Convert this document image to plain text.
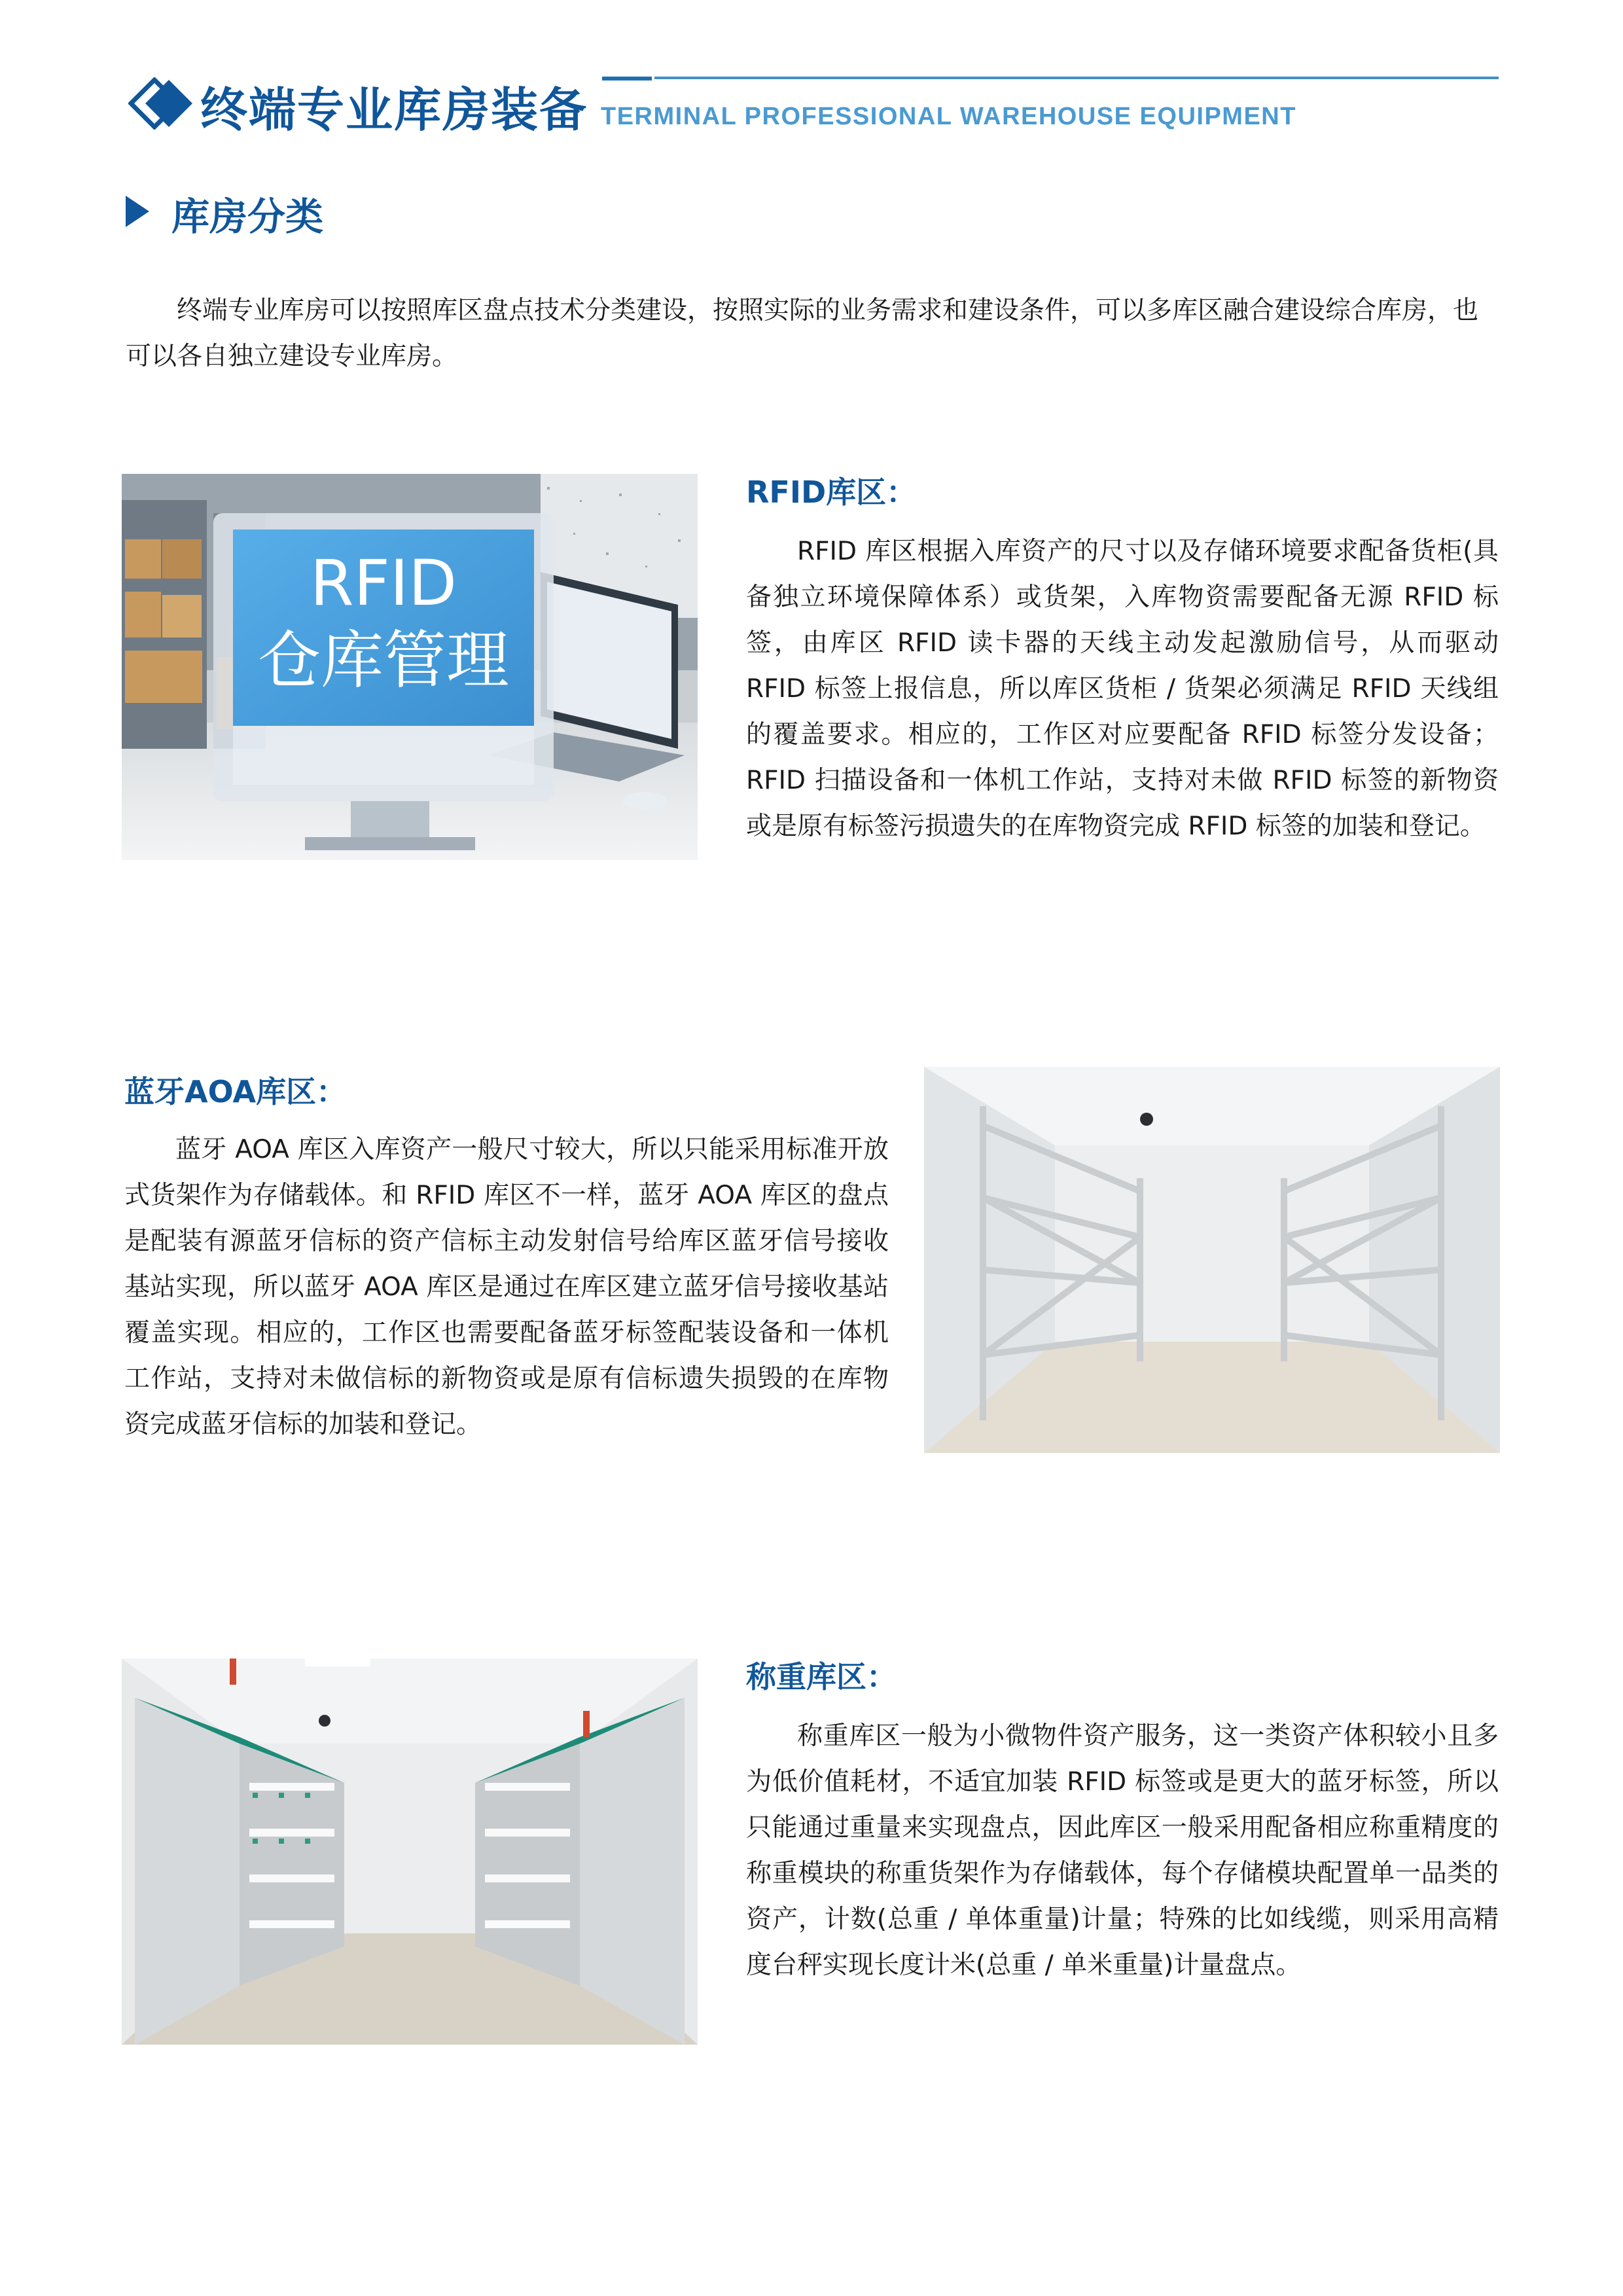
终端专业库房装备 TERMINAL PROFESSIONAL WAREHOUSE EQUIPMENT
库房分类
终端专业库房可以按照库区盘点技术分类建设，按照实际的业务需求和建设条件，可以多库区融合建设综合库房，也可以各自独立建设专业库房。
RFID
仓库管理
RFID库区：
RFID 库区根据入库资产的尺寸以及存储环境要求配备货柜(具备独立环境保障体系）或货架，入库物资需要配备无源 RFID 标签，由库区 RFID 读卡器的天线主动发起激励信号，从而驱动 RFID 标签上报信息，所以库区货柜 / 货架必须满足 RFID 天线组的覆盖要求。相应的，工作区对应要配备 RFID 标签分发设备；RFID 扫描设备和一体机工作站，支持对未做 RFID 标签的新物资或是原有标签污损遗失的在库物资完成 RFID 标签的加装和登记。
蓝牙AOA库区：
蓝牙 AOA 库区入库资产一般尺寸较大，所以只能采用标准开放式货架作为存储载体。和 RFID 库区不一样，蓝牙 AOA 库区的盘点是配装有源蓝牙信标的资产信标主动发射信号给库区蓝牙信号接收基站实现，所以蓝牙 AOA 库区是通过在库区建立蓝牙信号接收基站覆盖实现。相应的，工作区也需要配备蓝牙标签配装设备和一体机工作站，支持对未做信标的新物资或是原有信标遗失损毁的在库物资完成蓝牙信标的加装和登记。
称重库区：
称重库区一般为小微物件资产服务，这一类资产体积较小且多为低价值耗材，不适宜加装 RFID 标签或是更大的蓝牙标签，所以只能通过重量来实现盘点，因此库区一般采用配备相应称重精度的称重模块的称重货架作为存储载体，每个存储模块配置单一品类的资产，计数(总重 / 单体重量)计量；特殊的比如线缆，则采用高精度台秤实现长度计米(总重 / 单米重量)计量盘点。
